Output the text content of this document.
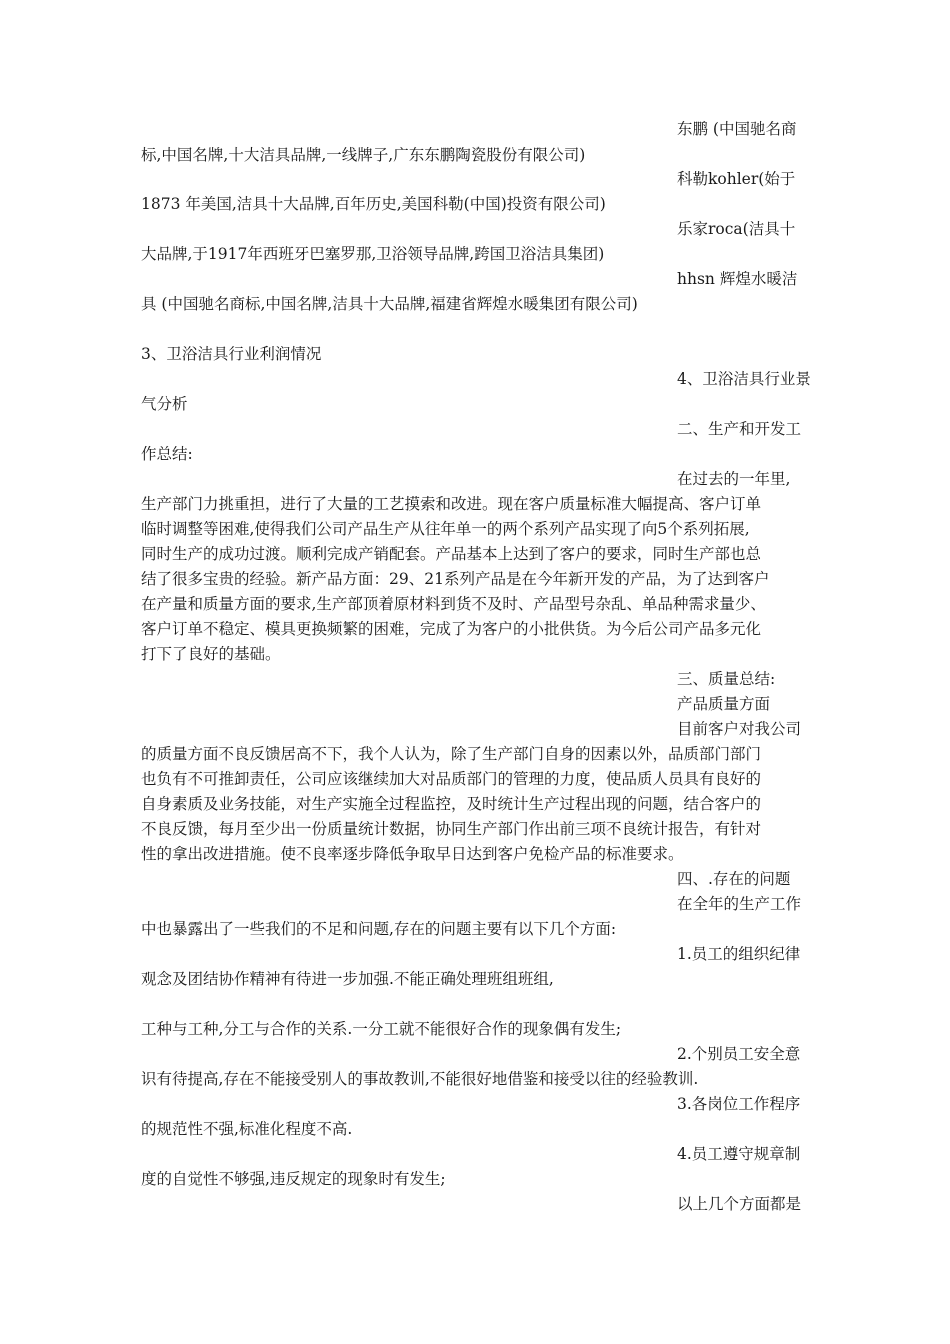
东鹏 (中国驰名商
标,中国名牌,十大洁具品牌,一线牌子,广东东鹏陶瓷股份有限公司)
科勒kohler(始于
1873 年美国,洁具十大品牌,百年历史,美国科勒(中国)投资有限公司)
乐家roca(洁具十
大品牌,于1917年西班牙巴塞罗那,卫浴领导品牌,跨国卫浴洁具集团)
hhsn 辉煌水暖洁
具 (中国驰名商标,中国名牌,洁具十大品牌,福建省辉煌水暖集团有限公司)
3、卫浴洁具行业利润情况
4、卫浴洁具行业景
气分析
二、生产和开发工
作总结:
在过去的一年里,
生产部门力挑重担，进行了大量的工艺摸索和改进。现在客户质量标准大幅提高、客户订单
临时调整等困难,使得我们公司产品生产从往年单一的两个系列产品实现了向5个系列拓展,
同时生产的成功过渡。顺利完成产销配套。产品基本上达到了客户的要求，同时生产部也总
结了很多宝贵的经验。新产品方面：29、21系列产品是在今年新开发的产品，为了达到客户
在产量和质量方面的要求,生产部顶着原材料到货不及时、产品型号杂乱、单品种需求量少、
客户订单不稳定、模具更换频繁的困难，完成了为客户的小批供货。为今后公司产品多元化
打下了良好的基础。
三、质量总结:
产品质量方面
目前客户对我公司
的质量方面不良反馈居高不下，我个人认为，除了生产部门自身的因素以外，品质部门部门
也负有不可推卸责任，公司应该继续加大对品质部门的管理的力度，使品质人员具有良好的
自身素质及业务技能，对生产实施全过程监控，及时统计生产过程出现的问题，结合客户的
不良反馈，每月至少出一份质量统计数据，协同生产部门作出前三项不良统计报告，有针对
性的拿出改进措施。使不良率逐步降低争取早日达到客户免检产品的标准要求。
四、.存在的问题
在全年的生产工作
中也暴露出了一些我们的不足和问题,存在的问题主要有以下几个方面:
1.员工的组织纪律
观念及团结协作精神有待进一步加强.不能正确处理班组班组,
工种与工种,分工与合作的关系.一分工就不能很好合作的现象偶有发生;
2.个别员工安全意
识有待提高,存在不能接受别人的事故教训,不能很好地借鉴和接受以往的经验教训.
3.各岗位工作程序
的规范性不强,标准化程度不高.
4.员工遵守规章制
度的自觉性不够强,违反规定的现象时有发生;
以上几个方面都是
